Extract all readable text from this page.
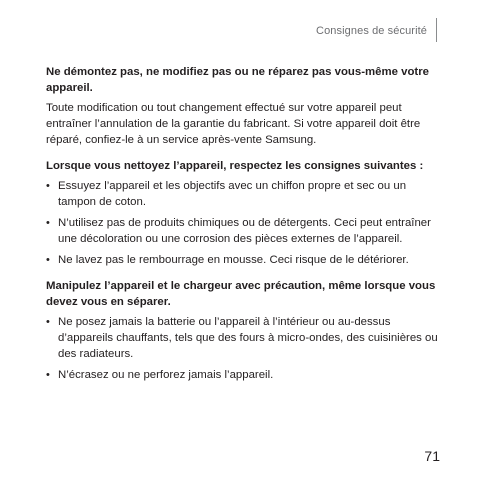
Consignes de sécurité

Ne démontez pas, ne modifiez pas ou ne réparez pas vous-même votre appareil.

Toute modification ou tout changement effectué sur votre appareil peut entraîner l’annulation de la garantie du fabricant. Si votre appareil doit être réparé, confiez-le à un service après-vente Samsung.

Lorsque vous nettoyez l’appareil, respectez les consignes suivantes :

• Essuyez l’appareil et les objectifs avec un chiffon propre et sec ou un tampon de coton.
• N’utilisez pas de produits chimiques ou de détergents. Ceci peut entraîner une décoloration ou une corrosion des pièces externes de l’appareil.
• Ne lavez pas le rembourrage en mousse. Ceci risque de le détériorer.

Manipulez l’appareil et le chargeur avec précaution, même lorsque vous devez vous en séparer.

• Ne posez jamais la batterie ou l’appareil à l’intérieur ou au-dessus d’appareils chauffants, tels que des fours à micro-ondes, des cuisinières ou des radiateurs.
• N’écrasez ou ne perforez jamais l’appareil.
71
